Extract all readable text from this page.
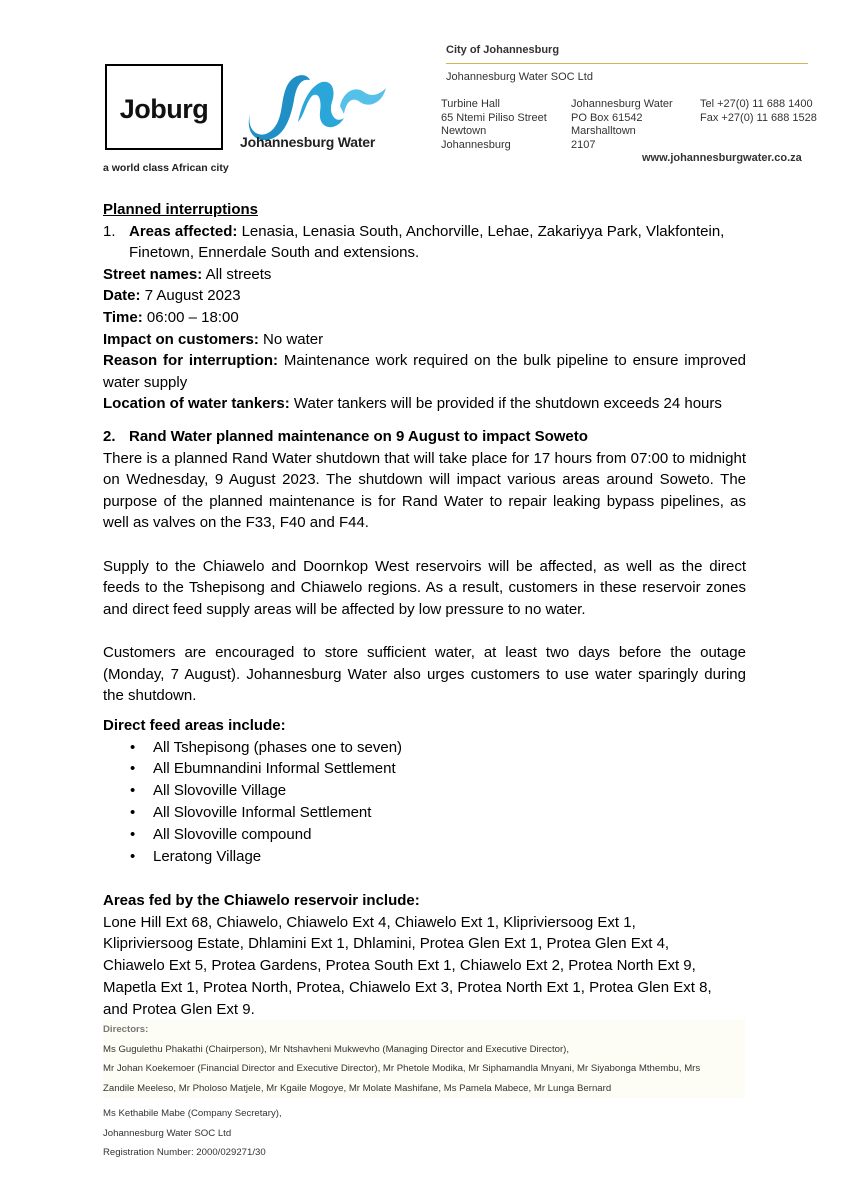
Joburg
a world class African city
Johannesburg Water
City of Johannesburg
Johannesburg Water SOC Ltd
Turbine Hall
65 Ntemi Piliso Street
Newtown
Johannesburg
Johannesburg Water
PO Box 61542
Marshalltown
2107
Tel +27(0) 11 688 1400
Fax +27(0) 11 688 1528
www.johannesburgwater.co.za

Planned interruptions

1. Areas affected: Lenasia, Lenasia South, Anchorville, Lehae, Zakariyya Park, Vlakfontein, Finetown, Ennerdale South and extensions.

Street names: All streets

Date: 7 August 2023

Time: 06:00 – 18:00

Impact on customers: No water

Reason for interruption: Maintenance work required on the bulk pipeline to ensure improved water supply

Location of water tankers: Water tankers will be provided if the shutdown exceeds 24 hours

2. Rand Water planned maintenance on 9 August to impact Soweto

There is a planned Rand Water shutdown that will take place for 17 hours from 07:00 to midnight on Wednesday, 9 August 2023. The shutdown will impact various areas around Soweto. The purpose of the planned maintenance is for Rand Water to repair leaking bypass pipelines, as well as valves on the F33, F40 and F44.

Supply to the Chiawelo and Doornkop West reservoirs will be affected, as well as the direct feeds to the Tshepisong and Chiawelo regions. As a result, customers in these reservoir zones and direct feed supply areas will be affected by low pressure to no water.

Customers are encouraged to store sufficient water, at least two days before the outage (Monday, 7 August). Johannesburg Water also urges customers to use water sparingly during the shutdown.

Direct feed areas include:

• All Tshepisong (phases one to seven)
• All Ebumnandini Informal Settlement
• All Slovoville Village
• All Slovoville Informal Settlement
• All Slovoville compound
• Leratong Village

Areas fed by the Chiawelo reservoir include:

Lone Hill Ext 68, Chiawelo, Chiawelo Ext 4, Chiawelo Ext 1, Klipriviersoog Ext 1,
Klipriviersoog Estate, Dhlamini Ext 1, Dhlamini, Protea Glen Ext 1, Protea Glen Ext 4,
Chiawelo Ext 5, Protea Gardens, Protea South Ext 1, Chiawelo Ext 2, Protea North Ext 9,
Mapetla Ext 1, Protea North, Protea, Chiawelo Ext 3, Protea North Ext 1, Protea Glen Ext 8,
and Protea Glen Ext 9.
Directors:
Ms Gugulethu Phakathi (Chairperson), Mr Ntshavheni Mukwevho (Managing Director and Executive Director),
Mr Johan Koekemoer (Financial Director and Executive Director), Mr Phetole Modika, Mr Siphamandla Mnyani, Mr Siyabonga Mthembu, Mrs
Zandile Meeleso, Mr Pholoso Matjele, Mr Kgaile Mogoye, Mr Molate Mashifane, Ms Pamela Mabece, Mr Lunga Bernard
Ms Kethabile Mabe (Company Secretary),
Johannesburg Water SOC Ltd
Registration Number: 2000/029271/30
